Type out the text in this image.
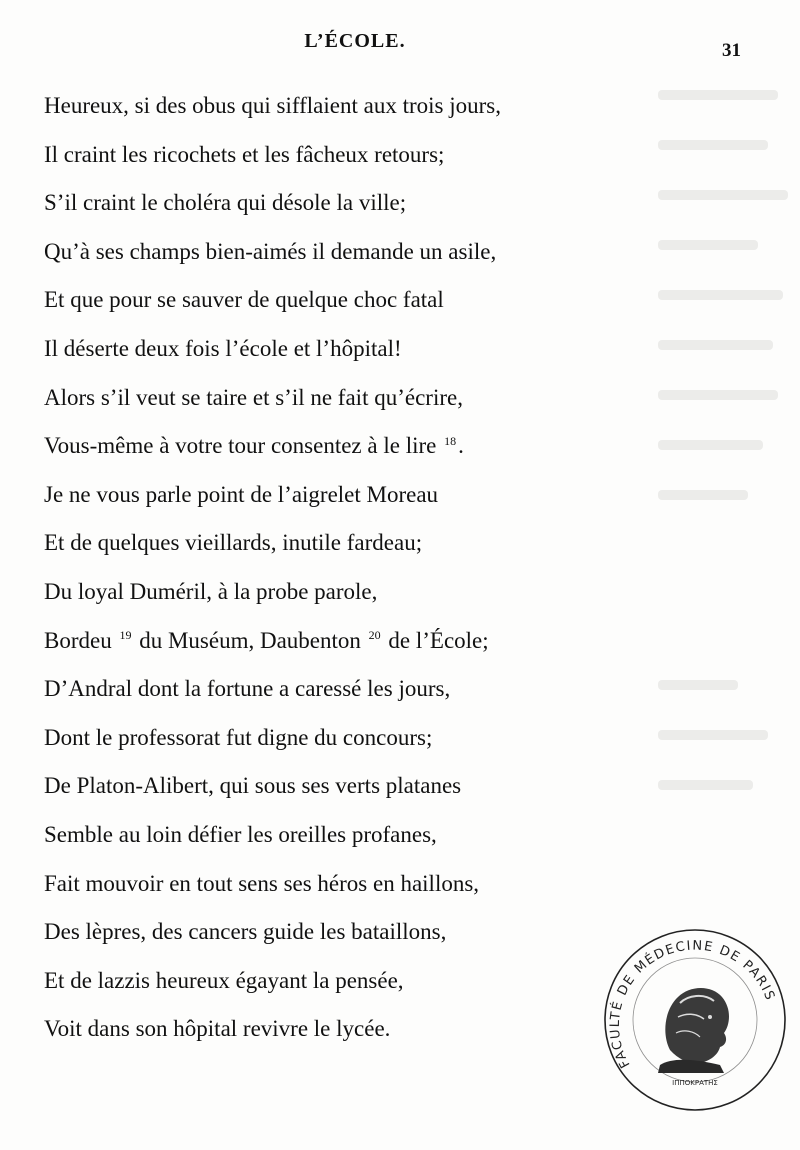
L’ÉCOLE.	31
Heureux, si des obus qui sifflaient aux trois jours,
Il craint les ricochets et les fâcheux retours;
S’il craint le choléra qui désole la ville;
Qu’à ses champs bien-aimés il demande un asile,
Et que pour se sauver de quelque choc fatal
Il déserte deux fois l’école et l’hôpital!
Alors s’il veut se taire et s’il ne fait qu’écrire,
Vous-même à votre tour consentez à le lire $^{18}$.
Je ne vous parle point de l’aigrelet Moreau
Et de quelques vieillards, inutile fardeau;
Du loyal Duméril, à la probe parole,
Bordeu $^{19}$ du Muséum, Daubenton $^{20}$ de l’École;
D’Andral dont la fortune a caressé les jours,
Dont le professorat fut digne du concours;
De Platon-Alibert, qui sous ses verts platanes
Semble au loin défier les oreilles profanes,
Fait mouvoir en tout sens ses héros en haillons,
Des lèpres, des cancers guide les bataillons,
Et de lazzis heureux égayant la pensée,
Voit dans son hôpital revivre le lycée.
FACULTÉ DE MÉDECINE DE PARIS
ΙΠΠΟΚΡΑΤΗΣ
